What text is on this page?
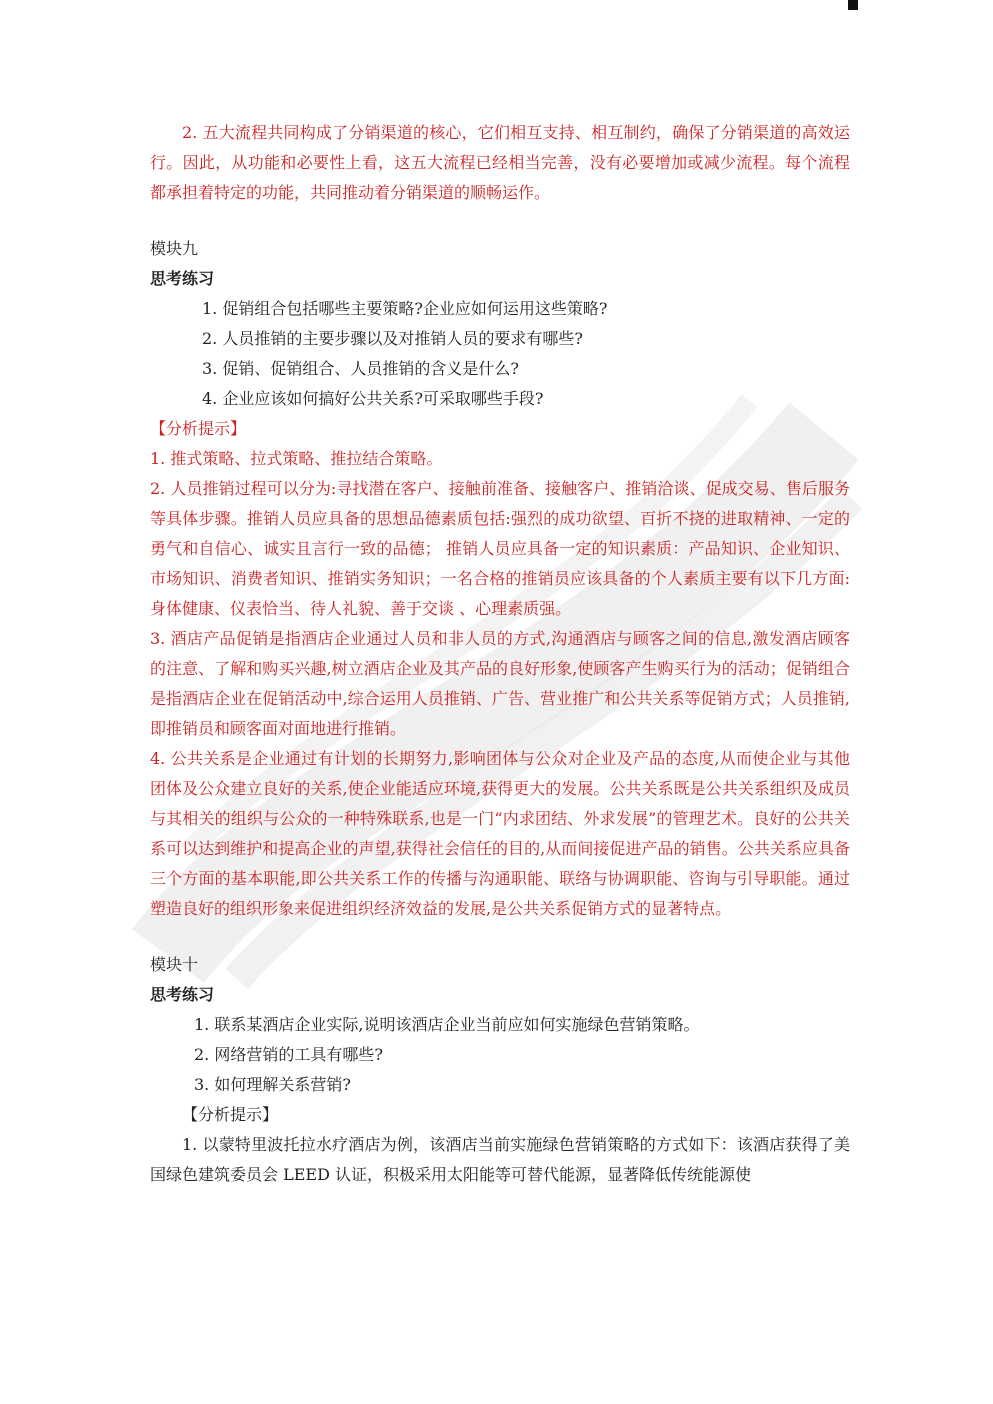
2. 五大流程共同构成了分销渠道的核心，它们相互支持、相互制约，确保了分销渠道的高效运行。因此，从功能和必要性上看，这五大流程已经相当完善，没有必要增加或减少流程。每个流程都承担着特定的功能，共同推动着分销渠道的顺畅运作。

模块九

思考练习

1. 促销组合包括哪些主要策略?企业应如何运用这些策略?

2. 人员推销的主要步骤以及对推销人员的要求有哪些?

3. 促销、促销组合、人员推销的含义是什么?

4. 企业应该如何搞好公共关系?可采取哪些手段?

【分析提示】

1. 推式策略、拉式策略、推拉结合策略。

2. 人员推销过程可以分为:寻找潜在客户、接触前准备、接触客户、推销洽谈、促成交易、售后服务等具体步骤。推销人员应具备的思想品德素质包括:强烈的成功欲望、百折不挠的进取精神、一定的勇气和自信心、诚实且言行一致的品德； 推销人员应具备一定的知识素质：产品知识、企业知识、市场知识、消费者知识、推销实务知识；一名合格的推销员应该具备的个人素质主要有以下几方面:身体健康、仪表恰当、待人礼貌、善于交谈 、心理素质强。

3. 酒店产品促销是指酒店企业通过人员和非人员的方式,沟通酒店与顾客之间的信息,激发酒店顾客的注意、了解和购买兴趣,树立酒店企业及其产品的良好形象,使顾客产生购买行为的活动；促销组合是指酒店企业在促销活动中,综合运用人员推销、广告、营业推广和公共关系等促销方式；人员推销,即推销员和顾客面对面地进行推销。

4. 公共关系是企业通过有计划的长期努力,影响团体与公众对企业及产品的态度,从而使企业与其他团体及公众建立良好的关系,使企业能适应环境,获得更大的发展。公共关系既是公共关系组织及成员与其相关的组织与公众的一种特殊联系,也是一门“内求团结、外求发展”的管理艺术。良好的公共关系可以达到维护和提高企业的声望,获得社会信任的目的,从而间接促进产品的销售。公共关系应具备三个方面的基本职能,即公共关系工作的传播与沟通职能、联络与协调职能、咨询与引导职能。通过塑造良好的组织形象来促进组织经济效益的发展,是公共关系促销方式的显著特点。

模块十

思考练习

1. 联系某酒店企业实际,说明该酒店企业当前应如何实施绿色营销策略。

2. 网络营销的工具有哪些?

3. 如何理解关系营销?

【分析提示】

1. 以蒙特里波托拉水疗酒店为例，该酒店当前实施绿色营销策略的方式如下：该酒店获得了美国绿色建筑委员会 LEED 认证，积极采用太阳能等可替代能源，显著降低传统能源使
